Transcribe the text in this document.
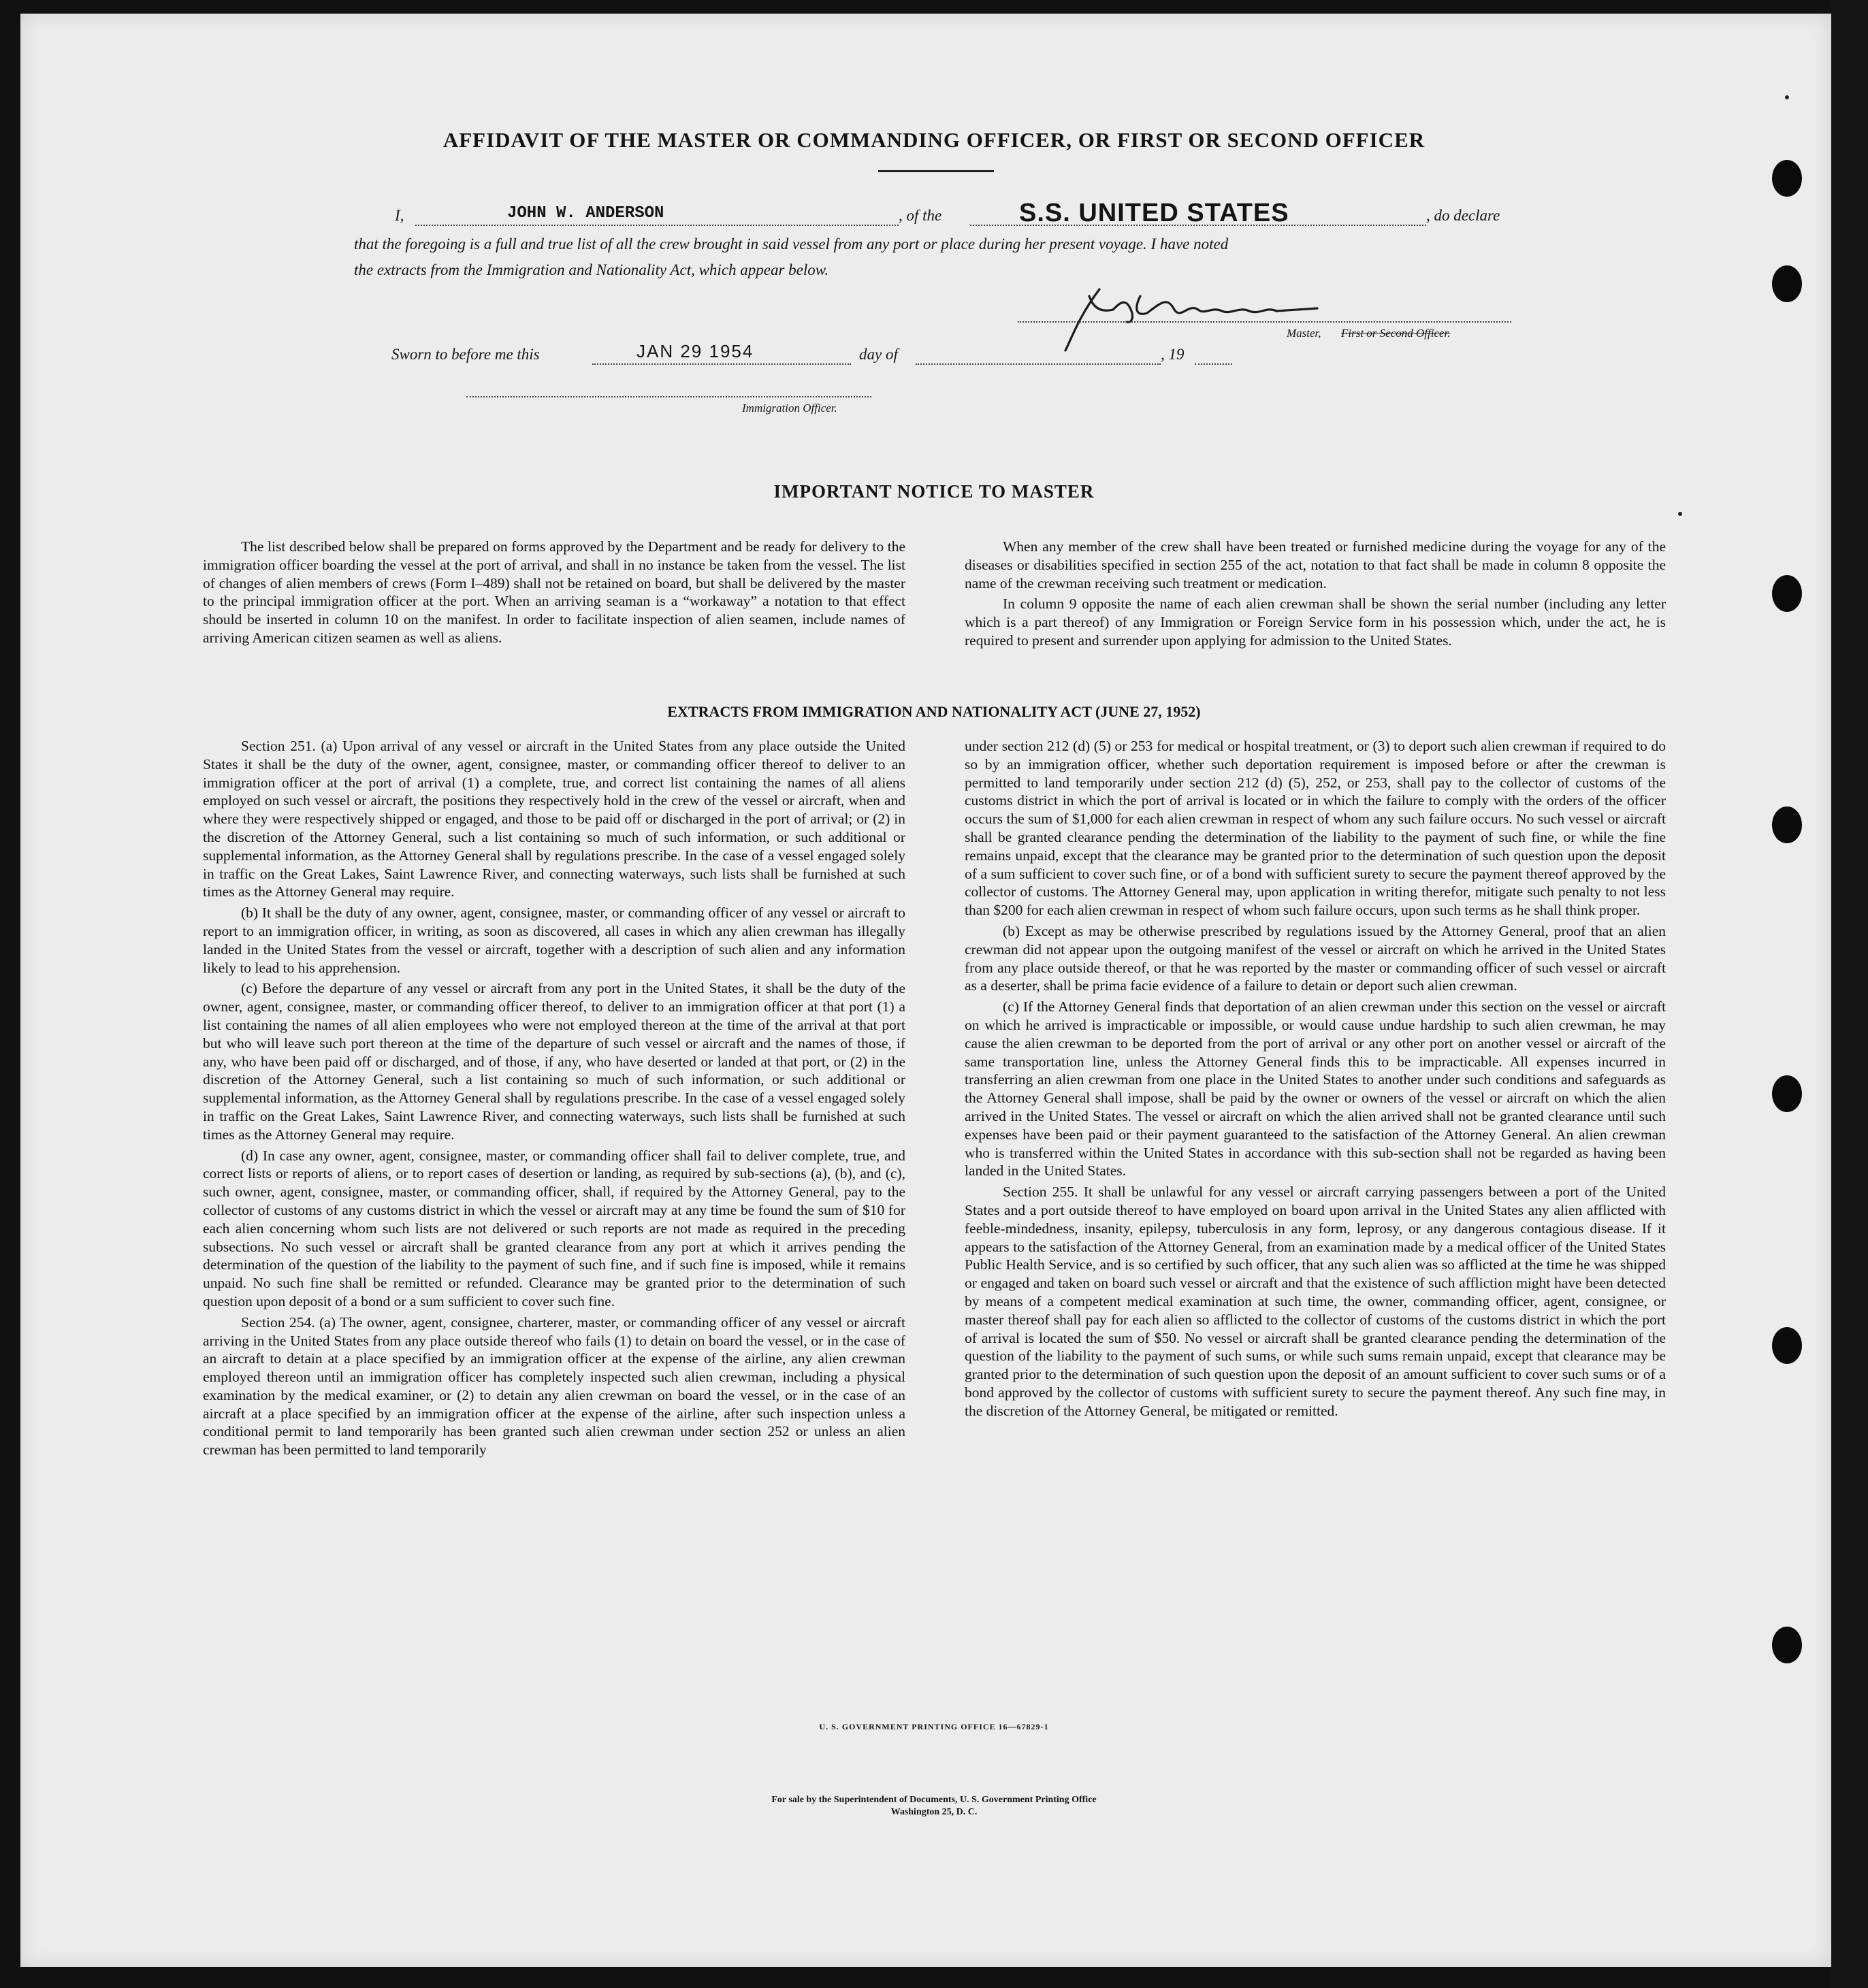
AFFIDAVIT OF THE MASTER OR COMMANDING OFFICER, OR FIRST OR SECOND OFFICER
I,	JOHN W. ANDERSON	, of the	S.S. UNITED STATES	, do declare
that the foregoing is a full and true list of all the crew brought in said vessel from any port or place during her present voyage. I have noted
the extracts from the Immigration and Nationality Act, which appear below.
Master, First or Second Officer.
Sworn to before me this	JAN 29 1954	day of	, 19
Immigration Officer.
IMPORTANT NOTICE TO MASTER

The list described below shall be prepared on forms approved by the Department and be ready for delivery to the immigration officer boarding the vessel at the port of arrival, and shall in no instance be taken from the vessel. The list of changes of alien members of crews (Form I–489) shall not be retained on board, but shall be delivered by the master to the principal immigration officer at the port. When an arriving seaman is a “workaway” a notation to that effect should be inserted in column 10 on the manifest. In order to facilitate inspection of alien seamen, include names of arriving American citizen seamen as well as aliens.

When any member of the crew shall have been treated or furnished medicine during the voyage for any of the diseases or disabilities specified in section 255 of the act, notation to that fact shall be made in column 8 opposite the name of the crewman receiving such treatment or medication.

In column 9 opposite the name of each alien crewman shall be shown the serial number (including any letter which is a part thereof) of any Immigration or Foreign Service form in his possession which, under the act, he is required to present and surrender upon applying for admission to the United States.

EXTRACTS FROM IMMIGRATION AND NATIONALITY ACT (JUNE 27, 1952)

Section 251. (a) Upon arrival of any vessel or aircraft in the United States from any place outside the United States it shall be the duty of the owner, agent, consignee, master, or commanding officer thereof to deliver to an immigration officer at the port of arrival (1) a complete, true, and correct list containing the names of all aliens employed on such vessel or aircraft, the positions they respectively hold in the crew of the vessel or aircraft, when and where they were respectively shipped or engaged, and those to be paid off or discharged in the port of arrival; or (2) in the discretion of the Attorney General, such a list containing so much of such information, or such additional or supplemental information, as the Attorney General shall by regulations prescribe. In the case of a vessel engaged solely in traffic on the Great Lakes, Saint Lawrence River, and connecting waterways, such lists shall be furnished at such times as the Attorney General may require.

(b) It shall be the duty of any owner, agent, consignee, master, or commanding officer of any vessel or aircraft to report to an immigration officer, in writing, as soon as discovered, all cases in which any alien crewman has illegally landed in the United States from the vessel or aircraft, together with a description of such alien and any information likely to lead to his apprehension.

(c) Before the departure of any vessel or aircraft from any port in the United States, it shall be the duty of the owner, agent, consignee, master, or commanding officer thereof, to deliver to an immigration officer at that port (1) a list containing the names of all alien employees who were not employed thereon at the time of the arrival at that port but who will leave such port thereon at the time of the departure of such vessel or aircraft and the names of those, if any, who have been paid off or discharged, and of those, if any, who have deserted or landed at that port, or (2) in the discretion of the Attorney General, such a list containing so much of such information, or such additional or supplemental information, as the Attorney General shall by regulations prescribe. In the case of a vessel engaged solely in traffic on the Great Lakes, Saint Lawrence River, and connecting waterways, such lists shall be furnished at such times as the Attorney General may require.

(d) In case any owner, agent, consignee, master, or commanding officer shall fail to deliver complete, true, and correct lists or reports of aliens, or to report cases of desertion or landing, as required by sub-sections (a), (b), and (c), such owner, agent, consignee, master, or commanding officer, shall, if required by the Attorney General, pay to the collector of customs of any customs district in which the vessel or aircraft may at any time be found the sum of $10 for each alien concerning whom such lists are not delivered or such reports are not made as required in the preceding subsections. No such vessel or aircraft shall be granted clearance from any port at which it arrives pending the determination of the question of the liability to the payment of such fine, and if such fine is imposed, while it remains unpaid. No such fine shall be remitted or refunded. Clearance may be granted prior to the determination of such question upon deposit of a bond or a sum sufficient to cover such fine.

Section 254. (a) The owner, agent, consignee, charterer, master, or commanding officer of any vessel or aircraft arriving in the United States from any place outside thereof who fails (1) to detain on board the vessel, or in the case of an aircraft to detain at a place specified by an immigration officer at the expense of the airline, any alien crewman employed thereon until an immigration officer has completely inspected such alien crewman, including a physical examination by the medical examiner, or (2) to detain any alien crewman on board the vessel, or in the case of an aircraft at a place specified by an immigration officer at the expense of the airline, after such inspection unless a conditional permit to land temporarily has been granted such alien crewman under section 252 or unless an alien crewman has been permitted to land temporarily

under section 212 (d) (5) or 253 for medical or hospital treatment, or (3) to deport such alien crewman if required to do so by an immigration officer, whether such deportation requirement is imposed before or after the crewman is permitted to land temporarily under section 212 (d) (5), 252, or 253, shall pay to the collector of customs of the customs district in which the port of arrival is located or in which the failure to comply with the orders of the officer occurs the sum of $1,000 for each alien crewman in respect of whom any such failure occurs. No such vessel or aircraft shall be granted clearance pending the determination of the liability to the payment of such fine, or while the fine remains unpaid, except that the clearance may be granted prior to the determination of such question upon the deposit of a sum sufficient to cover such fine, or of a bond with sufficient surety to secure the payment thereof approved by the collector of customs. The Attorney General may, upon application in writing therefor, mitigate such penalty to not less than $200 for each alien crewman in respect of whom such failure occurs, upon such terms as he shall think proper.

(b) Except as may be otherwise prescribed by regulations issued by the Attorney General, proof that an alien crewman did not appear upon the outgoing manifest of the vessel or aircraft on which he arrived in the United States from any place outside thereof, or that he was reported by the master or commanding officer of such vessel or aircraft as a deserter, shall be prima facie evidence of a failure to detain or deport such alien crewman.

(c) If the Attorney General finds that deportation of an alien crewman under this section on the vessel or aircraft on which he arrived is impracticable or impossible, or would cause undue hardship to such alien crewman, he may cause the alien crewman to be deported from the port of arrival or any other port on another vessel or aircraft of the same transportation line, unless the Attorney General finds this to be impracticable. All expenses incurred in transferring an alien crewman from one place in the United States to another under such conditions and safeguards as the Attorney General shall impose, shall be paid by the owner or owners of the vessel or aircraft on which the alien arrived in the United States. The vessel or aircraft on which the alien arrived shall not be granted clearance until such expenses have been paid or their payment guaranteed to the satisfaction of the Attorney General. An alien crewman who is transferred within the United States in accordance with this sub-section shall not be regarded as having been landed in the United States.

Section 255. It shall be unlawful for any vessel or aircraft carrying passengers between a port of the United States and a port outside thereof to have employed on board upon arrival in the United States any alien afflicted with feeble-mindedness, insanity, epilepsy, tuberculosis in any form, leprosy, or any dangerous contagious disease. If it appears to the satisfaction of the Attorney General, from an examination made by a medical officer of the United States Public Health Service, and is so certified by such officer, that any such alien was so afflicted at the time he was shipped or engaged and taken on board such vessel or aircraft and that the existence of such affliction might have been detected by means of a competent medical examination at such time, the owner, commanding officer, agent, consignee, or master thereof shall pay for each alien so afflicted to the collector of customs of the customs district in which the port of arrival is located the sum of $50. No vessel or aircraft shall be granted clearance pending the determination of the question of the liability to the payment of such sums, or while such sums remain unpaid, except that clearance may be granted prior to the determination of such question upon the deposit of an amount sufficient to cover such sums or of a bond approved by the collector of customs with sufficient surety to secure the payment thereof. Any such fine may, in the discretion of the Attorney General, be mitigated or remitted.

U. S. GOVERNMENT PRINTING OFFICE 16—67829-1
For sale by the Superintendent of Documents, U. S. Government Printing Office
Washington 25, D. C.
